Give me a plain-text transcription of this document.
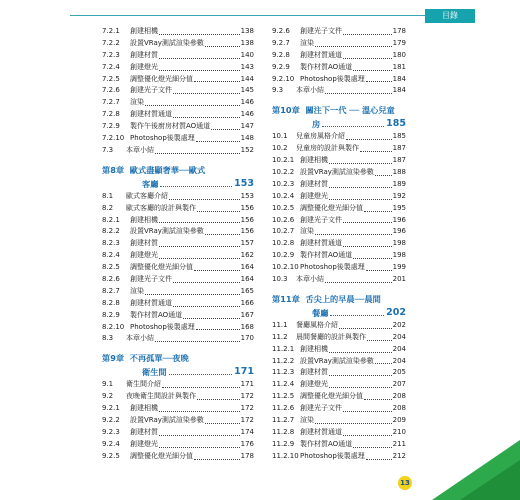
目錄
7.2.1	創建相機	138
7.2.2	設置VRay測試渲染參數	138
7.2.3	創建材質	140
7.2.4	創建燈光	143
7.2.5	調整優化燈光細分值	144
7.2.6	創建光子文件	145
7.2.7	渲染	146
7.2.8	創建材質通道	146
7.2.9	製作午後廚房材質AO通道	147
7.2.10 Photoshop後製處理	148
7.3	本章小結	152
第8章 歐式盡顯奢華──歐式
客廳	153
8.1	歐式客廳介紹	153
8.2	歐式客廳的設計與製作	156
8.2.1	創建相機	156
8.2.2	設置VRay測試渲染參數	156
8.2.3	創建材質	157
8.2.4	創建燈光	162
8.2.5	調整優化燈光細分值	164
8.2.6	創建光子文件	164
8.2.7	渲染	165
8.2.8	創建材質通道	166
8.2.9	製作材質AO通道	167
8.2.10 Photoshop後製處理	168
8.3	本章小結	170
第9章 不再孤單──夜晚
衛生間	171
9.1	衛生間介紹	171
9.2	夜晚衛生間設計與製作	172
9.2.1	創建相機	172
9.2.2	設置VRay測試渲染參數	172
9.2.3	創建材質	174
9.2.4	創建燈光	176
9.2.5	調整優化燈光細分值	178
9.2.6	創建光子文件	178
9.2.7	渲染	179
9.2.8	創建材質通道	180
9.2.9	製作材質AO通道	181
9.2.10 Photoshop後製處理	184
9.3	本章小結	184
第10章 關注下一代 ── 溫心兒童
房	185
10.1	兒童房風格介紹	185
10.2	兒童房的設計與製作	187
10.2.1 創建相機	187
10.2.2 設置VRay測試渲染參數	188
10.2.3 創建材質	189
10.2.4 創建燈光	192
10.2.5 調整優化燈光細分值	195
10.2.6 創建光子文件	196
10.2.7 渲染	196
10.2.8 創建材質通道	198
10.2.9 製作材質AO通道	198
10.2.10 Photoshop後製處理	199
10.3	本章小結	201
第11章 舌尖上的早晨──晨間
餐廳	202
11.1	餐廳風格介紹	202
11.2	晨間餐廳的設計與製作	204
11.2.1 創建相機	204
11.2.2 設置VRay測試渲染參數	204
11.2.3 創建材質	205
11.2.4 創建燈光	207
11.2.5 調整優化燈光細分值	208
11.2.6 創建光子文件	208
11.2.7 渲染	209
11.2.8 創建材質通道	210
11.2.9 製作材質AO通道	211
11.2.10 Photoshop後製處理	212
13
